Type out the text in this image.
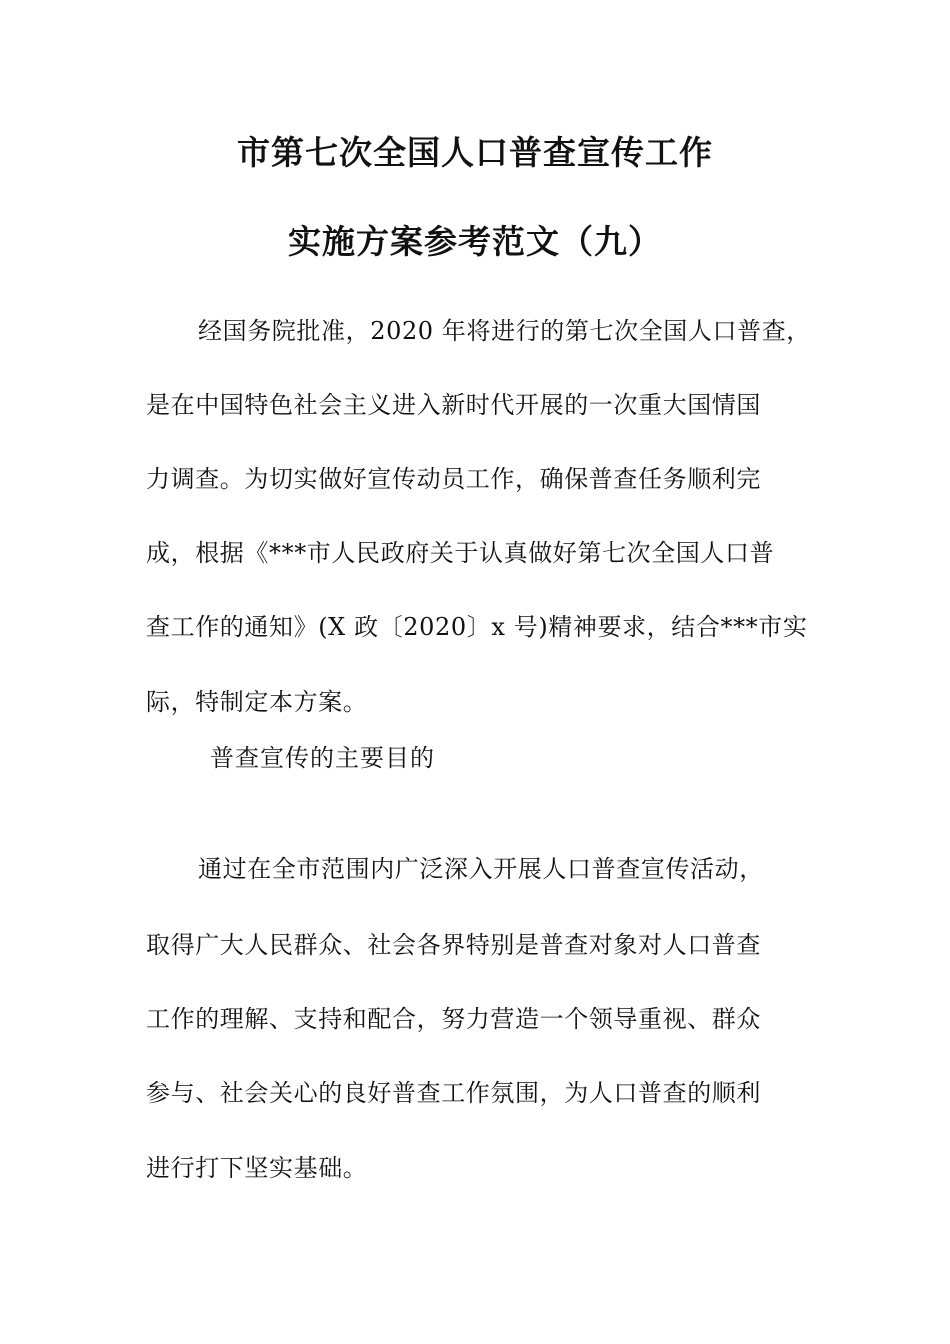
市第七次全国人口普查宣传工作
实施方案参考范文（九）
经国务院批准，2020 年将进行的第七次全国人口普查，
是在中国特色社会主义进入新时代开展的一次重大国情国
力调查。为切实做好宣传动员工作，确保普查任务顺利完
成，根据《***市人民政府关于认真做好第七次全国人口普
查工作的通知》(X 政〔2020〕x 号)精神要求，结合***市实
际，特制定本方案。
普查宣传的主要目的
通过在全市范围内广泛深入开展人口普查宣传活动，
取得广大人民群众、社会各界特别是普查对象对人口普查
工作的理解、支持和配合，努力营造一个领导重视、群众
参与、社会关心的良好普查工作氛围，为人口普查的顺利
进行打下坚实基础。
